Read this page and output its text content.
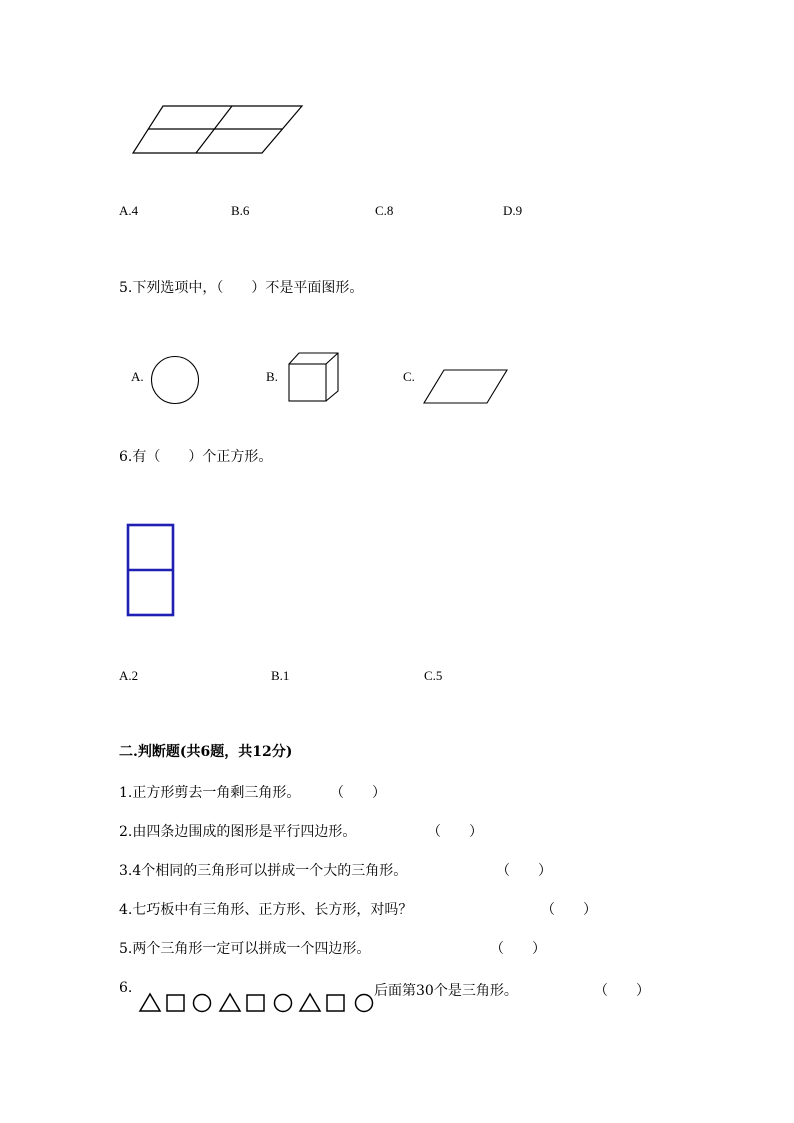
A.4	B.6	C.8	D.9
5.下列选项中，（　　）不是平面图形。
A.	B.	C.
6.有（　　）个正方形。
A.2	B.1	C.5
二.判断题(共6题，共12分)
1.正方形剪去一角剩三角形。 （　　）
2.由四条边围成的图形是平行四边形。	（　　）
3.4个相同的三角形可以拼成一个大的三角形。	（　　）
4.七巧板中有三角形、正方形、长方形，对吗？	（　　）
5.两个三角形一定可以拼成一个四边形。	（　　）
6.	后面第30个是三角形。	（　　）
